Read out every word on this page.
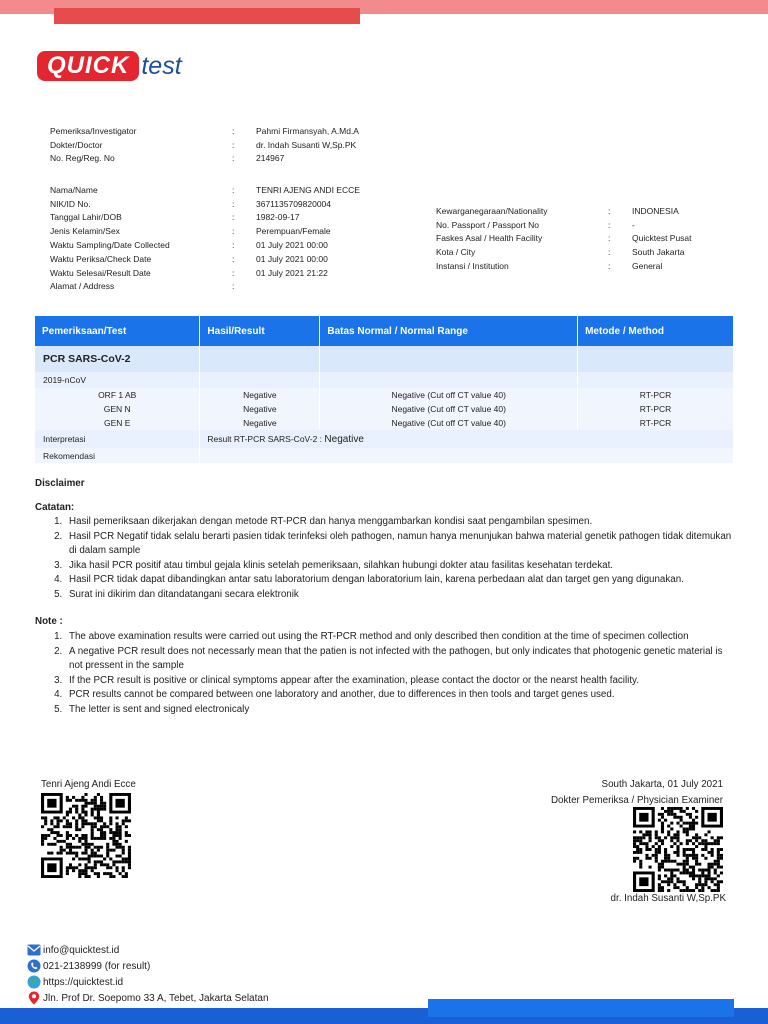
QUICK test
Pemeriksa/Investigator	:	Pahmi Firmansyah, A.Md.A
Dokter/Doctor	:	dr. Indah Susanti W,Sp.PK
No. Reg/Reg. No	:	214967
Nama/Name	:	TENRI AJENG ANDI ECCE
NIK/ID No.	:	3671135709820004
Tanggal Lahir/DOB	:	1982-09-17
Jenis Kelamin/Sex	:	Perempuan/Female
Waktu Sampling/Date Collected	:	01 July 2021 00:00
Waktu Periksa/Check Date	:	01 July 2021 00:00
Waktu Selesai/Result Date	:	01 July 2021 21:22
Alamat / Address	:
Kewarganegaraan/Nationality	:	INDONESIA
No. Passport / Passport No	:	-
Faskes Asal / Health Facility	:	Quicktest Pusat
Kota / City	:	South Jakarta
Instansi / Institution	:	General
Pemeriksaan/Test	Hasil/Result	Batas Normal / Normal Range	Metode / Method
PCR SARS-CoV-2			
2019-nCoV			
ORF 1 AB	Negative	Negative (Cut off CT value 40)	RT-PCR
GEN N	Negative	Negative (Cut off CT value 40)	RT-PCR
GEN E	Negative	Negative (Cut off CT value 40)	RT-PCR
Interpretasi	Result RT-PCR SARS-CoV-2 : Negative		
Rekomendasi			
Disclaimer
Catatan:
1. Hasil pemeriksaan dikerjakan dengan metode RT-PCR dan hanya menggambarkan kondisi saat pengambilan spesimen.
2. Hasil PCR Negatif tidak selalu berarti pasien tidak terinfeksi oleh pathogen, namun hanya menunjukan bahwa material genetik pathogen tidak ditemukan di dalam sample
3. Jika hasil PCR positif atau timbul gejala klinis setelah pemeriksaan, silahkan hubungi dokter atau fasilitas kesehatan terdekat.
4. Hasil PCR tidak dapat dibandingkan antar satu laboratorium dengan laboratorium lain, karena perbedaan alat dan target gen yang digunakan.
5. Surat ini dikirim dan ditandatangani secara elektronik
Note :
1. The above examination results were carried out using the RT-PCR method and only described then condition at the time of specimen collection
2. A negative PCR result does not necessarly mean that the patien is not infected with the pathogen, but only indicates that photogenic genetic material is not pressent in the sample
3. If the PCR result is positive or clinical symptoms appear after the examination, please contact the doctor or the nearst health facility.
4. PCR results cannot be compared between one laboratory and another, due to differences in then tools and target genes used.
5. The letter is sent and signed electronicaly
Tenri Ajeng Andi Ecce	South Jakarta, 01 July 2021
Dokter Pemeriksa / Physician Examiner
dr. Indah Susanti W,Sp.PK
info@quicktest.id
021-2138999 (for result)
https://quicktest.id
Jln. Prof Dr. Soepomo 33 A, Tebet, Jakarta Selatan
